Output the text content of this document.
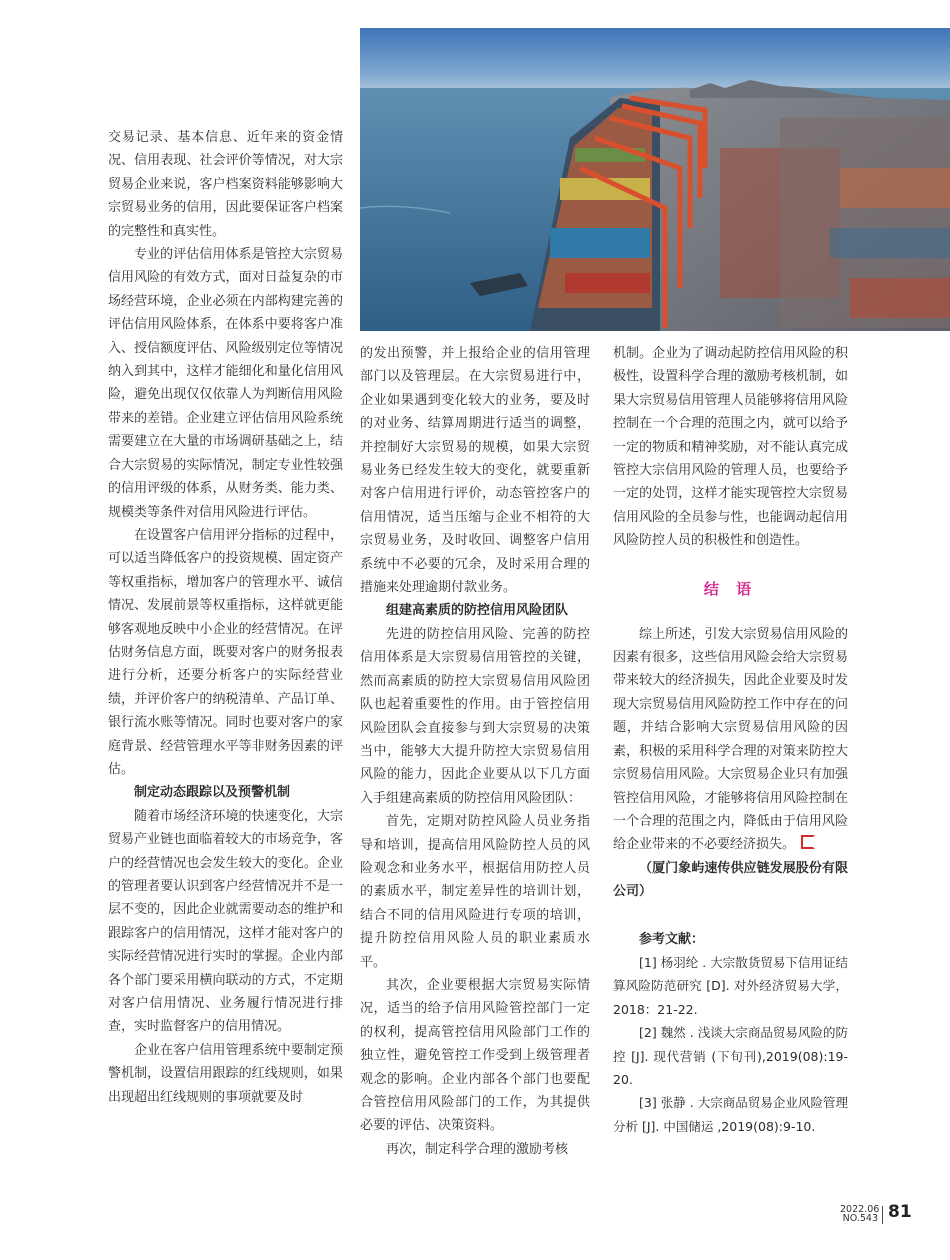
交易记录、基本信息、近年来的资金情况、信用表现、社会评价等情况，对大宗贸易企业来说，客户档案资料能够影响大宗贸易业务的信用，因此要保证客户档案的完整性和真实性。

专业的评估信用体系是管控大宗贸易信用风险的有效方式，面对日益复杂的市场经营环境，企业必须在内部构建完善的评估信用风险体系，在体系中要将客户准入、授信额度评估、风险级别定位等情况纳入到其中，这样才能细化和量化信用风险，避免出现仅仅依靠人为判断信用风险带来的差错。企业建立评估信用风险系统需要建立在大量的市场调研基础之上，结合大宗贸易的实际情况，制定专业性较强的信用评级的体系，从财务类、能力类、规模类等条件对信用风险进行评估。

在设置客户信用评分指标的过程中，可以适当降低客户的投资规模、固定资产等权重指标，增加客户的管理水平、诚信情况、发展前景等权重指标，这样就更能够客观地反映中小企业的经营情况。在评估财务信息方面，既要对客户的财务报表进行分析，还要分析客户的实际经营业绩，并评价客户的纳税清单、产品订单、银行流水账等情况。同时也要对客户的家庭背景、经营管理水平等非财务因素的评估。

制定动态跟踪以及预警机制

随着市场经济环境的快速变化，大宗贸易产业链也面临着较大的市场竞争，客户的经营情况也会发生较大的变化。企业的管理者要认识到客户经营情况并不是一层不变的，因此企业就需要动态的维护和跟踪客户的信用情况，这样才能对客户的实际经营情况进行实时的掌握。企业内部各个部门要采用横向联动的方式，不定期对客户信用情况、业务履行情况进行排查，实时监督客户的信用情况。

企业在客户信用管理系统中要制定预警机制，设置信用跟踪的红线规则，如果出现超出红线规则的事项就要及时

的发出预警，并上报给企业的信用管理部门以及管理层。在大宗贸易进行中，企业如果遇到变化较大的业务，要及时的对业务、结算周期进行适当的调整，并控制好大宗贸易的规模，如果大宗贸易业务已经发生较大的变化，就要重新对客户信用进行评价，动态管控客户的信用情况，适当压缩与企业不相符的大宗贸易业务，及时收回、调整客户信用系统中不必要的冗余，及时采用合理的措施来处理逾期付款业务。

组建高素质的防控信用风险团队

先进的防控信用风险、完善的防控信用体系是大宗贸易信用管控的关键，然而高素质的防控大宗贸易信用风险团队也起着重要性的作用。由于管控信用风险团队会直接参与到大宗贸易的决策当中，能够大大提升防控大宗贸易信用风险的能力，因此企业要从以下几方面入手组建高素质的防控信用风险团队：

首先，定期对防控风险人员业务指导和培训，提高信用风险防控人员的风险观念和业务水平，根据信用防控人员的素质水平，制定差异性的培训计划，结合不同的信用风险进行专项的培训，提升防控信用风险人员的职业素质水平。

其次，企业要根据大宗贸易实际情况，适当的给予信用风险管控部门一定的权利，提高管控信用风险部门工作的独立性，避免管控工作受到上级管理者观念的影响。企业内部各个部门也要配合管控信用风险部门的工作，为其提供必要的评估、决策资料。

再次，制定科学合理的激励考核

机制。企业为了调动起防控信用风险的积极性，设置科学合理的激励考核机制，如果大宗贸易信用管理人员能够将信用风险控制在一个合理的范围之内，就可以给予一定的物质和精神奖励，对不能认真完成管控大宗信用风险的管理人员，也要给予一定的处罚，这样才能实现管控大宗贸易信用风险的全员参与性，也能调动起信用风险防控人员的积极性和创造性。

结 语

综上所述，引发大宗贸易信用风险的因素有很多，这些信用风险会给大宗贸易带来较大的经济损失，因此企业要及时发现大宗贸易信用风险防控工作中存在的问题，并结合影响大宗贸易信用风险的因素，积极的采用科学合理的对策来防控大宗贸易信用风险。大宗贸易企业只有加强管控信用风险，才能够将信用风险控制在一个合理的范围之内，降低由于信用风险给企业带来的不必要经济损失。

（厦门象屿速传供应链发展股份有限公司）

参考文献：

[1] 杨羽纶 . 大宗散货贸易下信用证结算风险防范研究 [D]. 对外经济贸易大学，2018：21-22.

[2] 魏然 . 浅谈大宗商品贸易风险的防控 [J]. 现代营销 (下旬刊),2019(08):19-20.

[3] 张静 . 大宗商品贸易企业风险管理分析 [J]. 中国储运 ,2019(08):9-10.

2022.06
NO.543 81
